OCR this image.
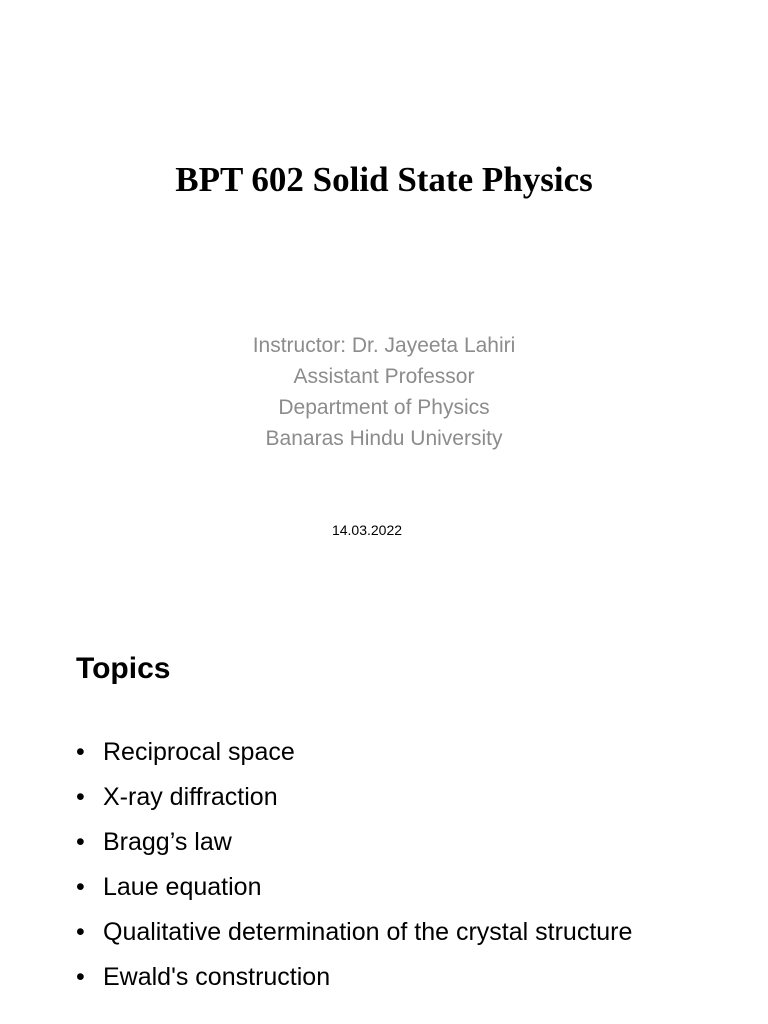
BPT 602 Solid State Physics
Instructor: Dr. Jayeeta Lahiri
Assistant Professor
Department of Physics
Banaras Hindu University
14.03.2022
Topics
• Reciprocal space
• X-ray diffraction
• Bragg’s law
• Laue equation
• Qualitative determination of the crystal structure
• Ewald's construction
